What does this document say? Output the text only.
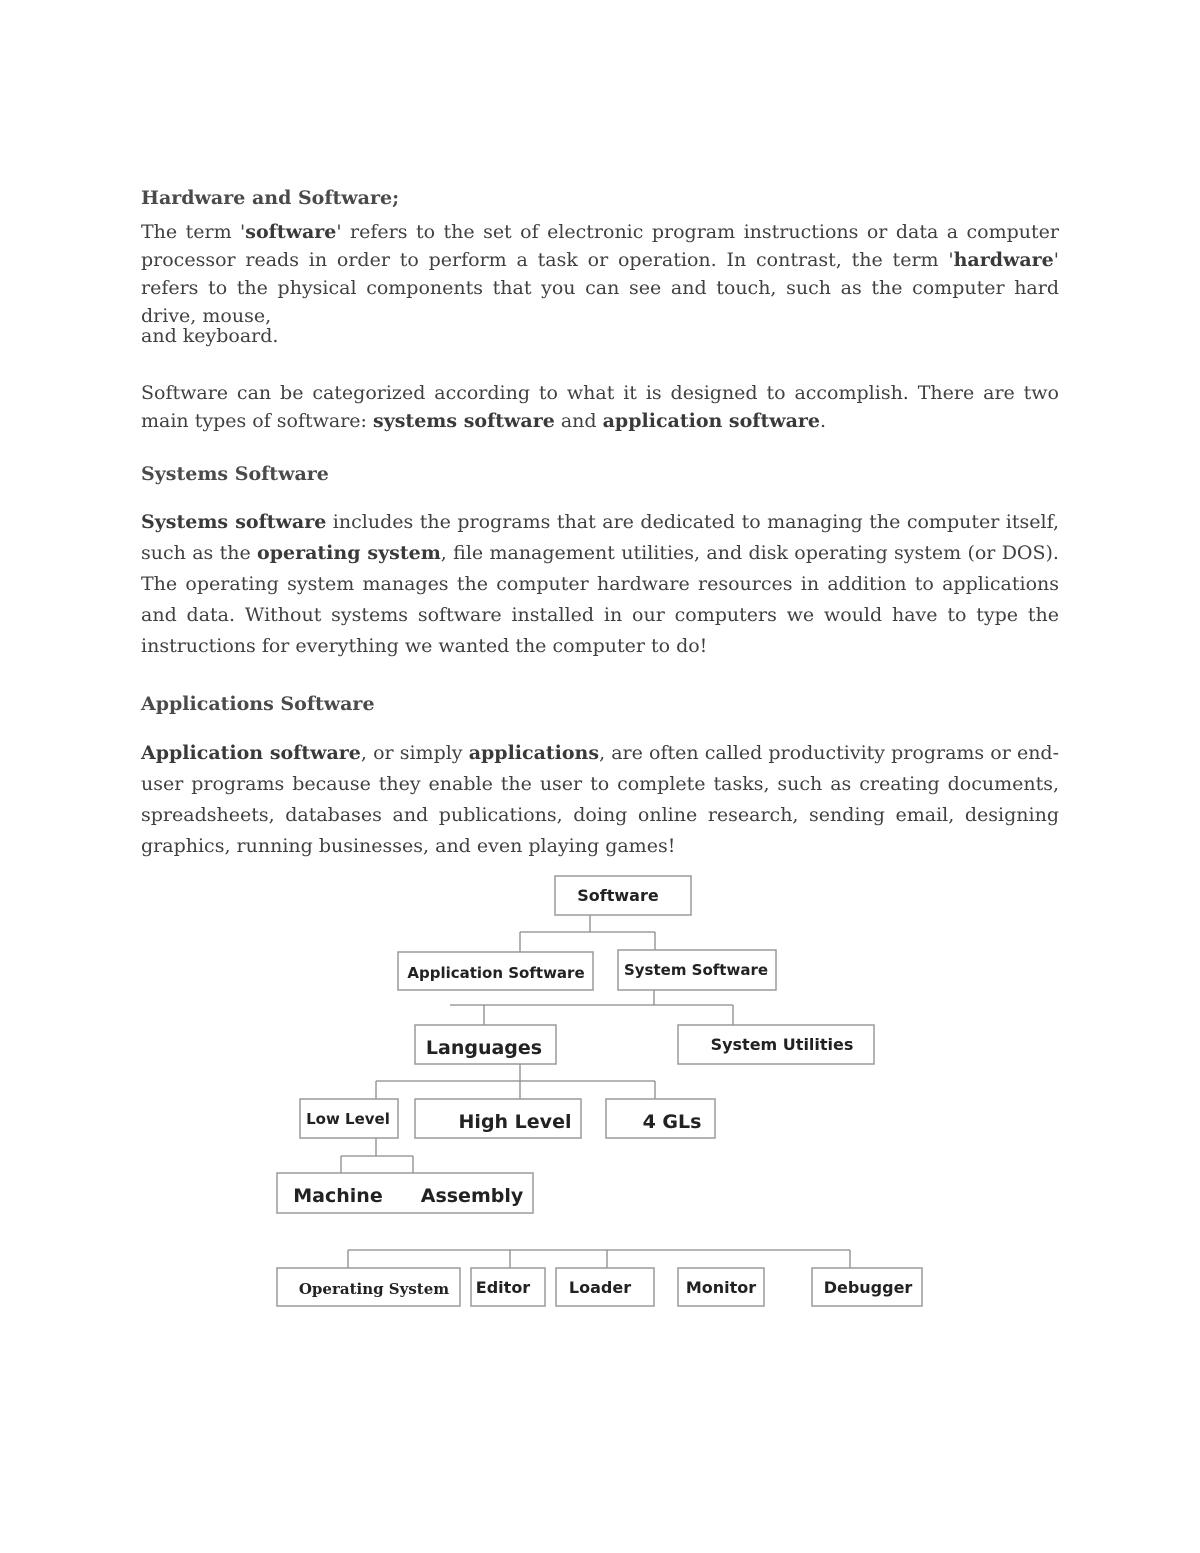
Hardware and Software;

The term 'software' refers to the set of electronic program instructions or data a computer processor reads in order to perform a task or operation. In contrast, the term 'hardware' refers to the physical components that you can see and touch, such as the computer hard drive, mouse,

and keyboard.

Software can be categorized according to what it is designed to accomplish. There are two main types of software: systems software and application software.

Systems Software

Systems software includes the programs that are dedicated to managing the computer itself, such as the operating system, file management utilities, and disk operating system (or DOS). The operating system manages the computer hardware resources in addition to applications and data. Without systems software installed in our computers we would have to type the instructions for everything we wanted the computer to do!

Applications Software

Application software, or simply applications, are often called productivity programs or end-user programs because they enable the user to complete tasks, such as creating documents, spreadsheets, databases and publications, doing online research, sending email, designing graphics, running businesses, and even playing games!

Software
Application Software	System Software
Languages	System Utilities
Low Level	High Level	4 GLs
Machine Assembly
Operating System Editor Loader	Monitor	Debugger
